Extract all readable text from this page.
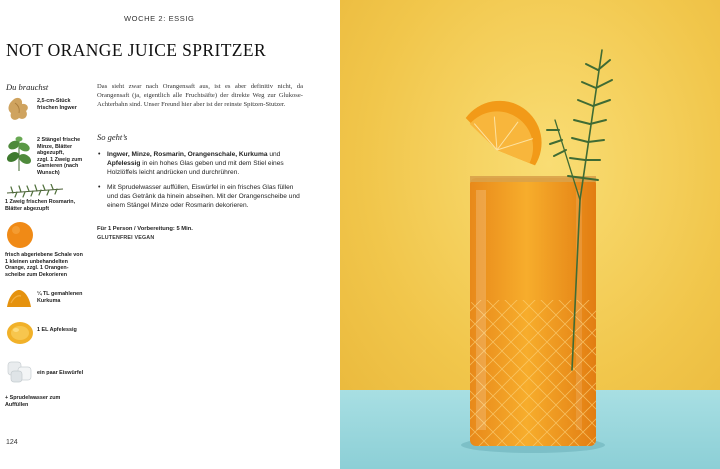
WOCHE 2: ESSIG
NOT ORANGE JUICE SPRITZER
Du brauchst
2,5-cm-Stück
frischen Ingwer
2 Stängel frische
Minze, Blätter
abgezupft,
zzgl. 1 Zweig zum
Garnieren (nach
Wunsch)
1 Zweig frischen Rosmarin,
Blätter abgezupft
frisch abgeriebene Schale von
1 kleinen unbehandelten
Orange, zzgl. 1 Orangen-
scheibe zum Dekorieren
¼ TL gemahlenen
Kurkuma
1 EL Apfelessig
ein paar Eiswürfel
+ Sprudelwasser zum
Auffüllen
Das sieht zwar nach Orangensaft aus, ist es aber definitiv nicht, da Orangensaft (ja, eigentlich alle Fruchtsäfte) der direkte Weg zur Glukose-Achterbahn sind. Unser Freund hier aber ist der reinste Spitzen-Stutzer.
So geht’s
• Ingwer, Minze, Rosmarin, Orangenschale, Kurkuma und Apfelessig in ein hohes Glas geben und mit dem Stiel eines Holzlöffels leicht andrücken und durchrühren.
• Mit Sprudelwasser auffüllen, Eiswürfel in ein frisches Glas füllen und das Getränk da hinein abseihen. Mit der Orangenscheibe und einem Stängel Minze oder Rosmarin dekorieren.
Für 1 Person / Vorbereitung: 5 Min.
GLUTENFREI VEGAN
124
